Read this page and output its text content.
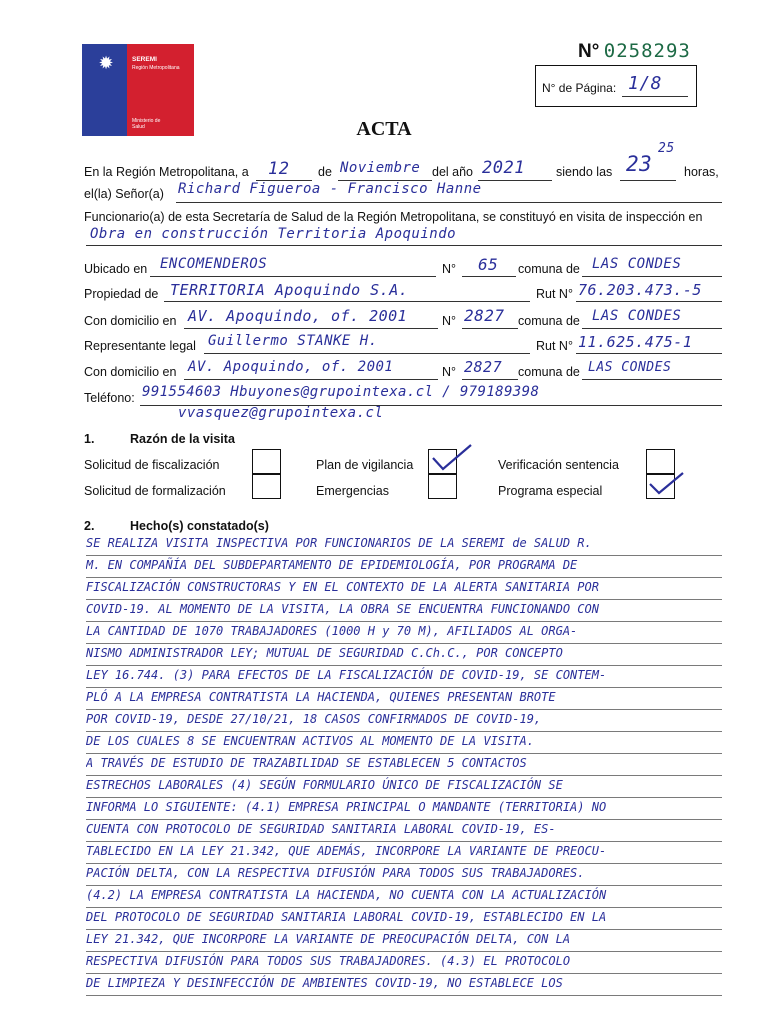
✹	SEREMI
Región Metropolitana
Ministerio de Salud
N° 0258293
N° de Página: 1/8
ACTA
En la Región Metropolitana, a 12 de Noviembre del año 2021 siendo las 23
25
horas,
el(la) Señor(a) Richard Figueroa - Francisco Hanne
Funcionario(a) de esta Secretaría de Salud de la Región Metropolitana, se constituyó en visita de inspección en
Obra en construcción Territoria Apoquindo
Ubicado en ENCOMENDEROS	N° 65 comuna de LAS CONDES
Propiedad de TERRITORIA Apoquindo S.A.	Rut N° 76.203.473.-5
Con domicilio en AV. Apoquindo, of. 2001	N° 2827 comuna de LAS CONDES
Representante legal Guillermo STANKE H.	Rut N° 11.625.475-1
Con domicilio en AV. Apoquindo, of. 2001	N° 2827 comuna de LAS CONDES
Teléfono: 991554603 Hbuyones@grupointexa.cl / 979189398
vvasquez@grupointexa.cl
1.	Razón de la visita
Solicitud de fiscalización	Plan de vigilancia	Verificación sentencia
Solicitud de formalización	Emergencias	Programa especial
2.	Hecho(s) constatado(s)
SE REALIZA VISITA INSPECTIVA POR FUNCIONARIOS DE LA SEREMI de SALUD R.
M. EN COMPAÑÍA DEL SUBDEPARTAMENTO DE EPIDEMIOLOGÍA, POR PROGRAMA DE
FISCALIZACIÓN CONSTRUCTORAS Y EN EL CONTEXTO DE LA ALERTA SANITARIA POR
COVID-19. AL MOMENTO DE LA VISITA, LA OBRA SE ENCUENTRA FUNCIONANDO CON
LA CANTIDAD DE 1070 TRABAJADORES (1000 H y 70 M), AFILIADOS AL ORGA-
NISMO ADMINISTRADOR LEY; MUTUAL DE SEGURIDAD C.Ch.C., POR CONCEPTO
LEY 16.744. (3) PARA EFECTOS DE LA FISCALIZACIÓN DE COVID-19, SE CONTEM-
PLÓ A LA EMPRESA CONTRATISTA LA HACIENDA, QUIENES PRESENTAN BROTE
POR COVID-19, DESDE 27/10/21, 18 CASOS CONFIRMADOS DE COVID-19,
DE LOS CUALES 8 SE ENCUENTRAN ACTIVOS AL MOMENTO DE LA VISITA.
A TRAVÉS DE ESTUDIO DE TRAZABILIDAD SE ESTABLECEN 5 CONTACTOS
ESTRECHOS LABORALES (4) SEGÚN FORMULARIO ÚNICO DE FISCALIZACIÓN SE
INFORMA LO SIGUIENTE: (4.1) EMPRESA PRINCIPAL O MANDANTE (TERRITORIA) NO
CUENTA CON PROTOCOLO DE SEGURIDAD SANITARIA LABORAL COVID-19, ES-
TABLECIDO EN LA LEY 21.342, QUE ADEMÁS, INCORPORE LA VARIANTE DE PREOCU-
PACIÓN DELTA, CON LA RESPECTIVA DIFUSIÓN PARA TODOS SUS TRABAJADORES.
(4.2) LA EMPRESA CONTRATISTA LA HACIENDA, NO CUENTA CON LA ACTUALIZACIÓN
DEL PROTOCOLO DE SEGURIDAD SANITARIA LABORAL COVID-19, ESTABLECIDO EN LA
LEY 21.342, QUE INCORPORE LA VARIANTE DE PREOCUPACIÓN DELTA, CON LA
RESPECTIVA DIFUSIÓN PARA TODOS SUS TRABAJADORES. (4.3) EL PROTOCOLO
DE LIMPIEZA Y DESINFECCIÓN DE AMBIENTES COVID-19, NO ESTABLECE LOS
